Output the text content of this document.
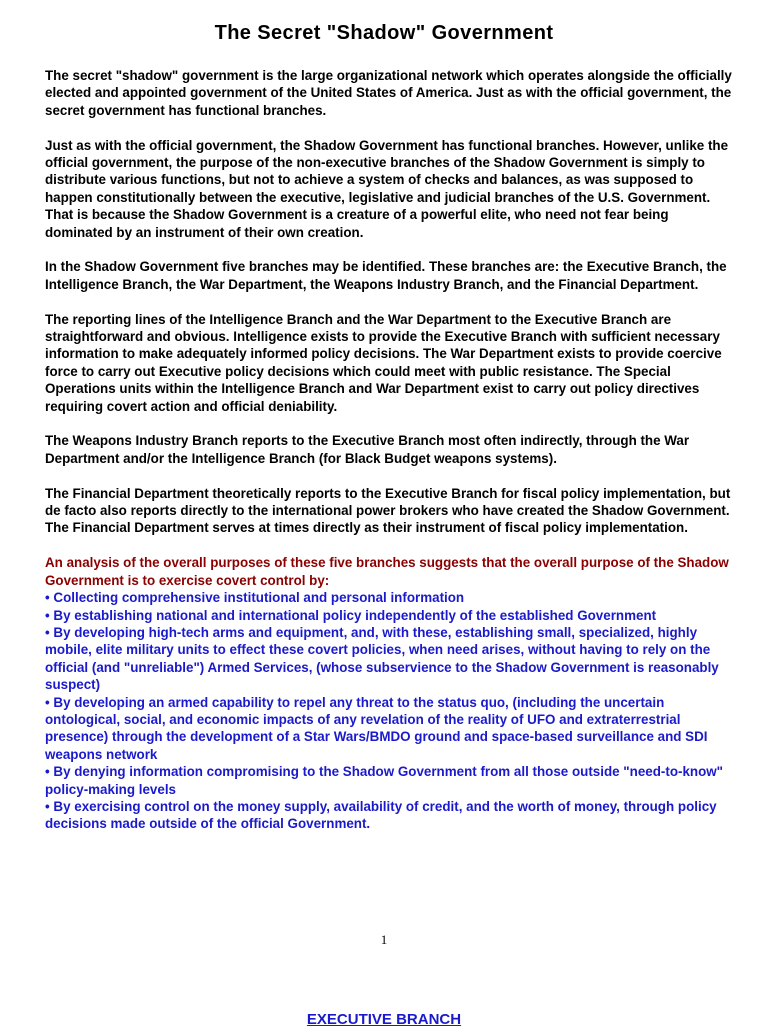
The Secret "Shadow" Government

The secret "shadow" government is the large organizational network which operates alongside the officially elected and appointed government of the United States of America. Just as with the official government, the secret government has functional branches.

Just as with the official government, the Shadow Government has functional branches. However, unlike the official government, the purpose of the non-executive branches of the Shadow Government is simply to distribute various functions, but not to achieve a system of checks and balances, as was supposed to happen constitutionally between the executive, legislative and judicial branches of the U.S. Government. That is because the Shadow Government is a creature of a powerful elite, who need not fear being dominated by an instrument of their own creation.

In the Shadow Government five branches may be identified. These branches are: the Executive Branch, the Intelligence Branch, the War Department, the Weapons Industry Branch, and the Financial Department.

The reporting lines of the Intelligence Branch and the War Department to the Executive Branch are straightforward and obvious. Intelligence exists to provide the Executive Branch with sufficient necessary information to make adequately informed policy decisions. The War Department exists to provide coercive force to carry out Executive policy decisions which could meet with public resistance. The Special Operations units within the Intelligence Branch and War Department exist to carry out policy directives requiring covert action and official deniability.

The Weapons Industry Branch reports to the Executive Branch most often indirectly, through the War Department and/or the Intelligence Branch (for Black Budget weapons systems).

The Financial Department theoretically reports to the Executive Branch for fiscal policy implementation, but de facto also reports directly to the international power brokers who have created the Shadow Government. The Financial Department serves at times directly as their instrument of fiscal policy implementation.

An analysis of the overall purposes of these five branches suggests that the overall purpose of the Shadow Government is to exercise covert control by:

• Collecting comprehensive institutional and personal information
• By establishing national and international policy independently of the established Government
• By developing high-tech arms and equipment, and, with these, establishing small, specialized, highly mobile, elite military units to effect these covert policies, when need arises, without having to rely on the official (and "unreliable") Armed Services, (whose subservience to the Shadow Government is reasonably suspect)
• By developing an armed capability to repel any threat to the status quo, (including the uncertain ontological, social, and economic impacts of any revelation of the reality of UFO and extraterrestrial presence) through the development of a Star Wars/BMDO ground and space-based surveillance and SDI weapons network
• By denying information compromising to the Shadow Government from all those outside "need-to-know" policy-making levels
• By exercising control on the money supply, availability of credit, and the worth of money, through policy decisions made outside of the official Government.
1
EXECUTIVE BRANCH
